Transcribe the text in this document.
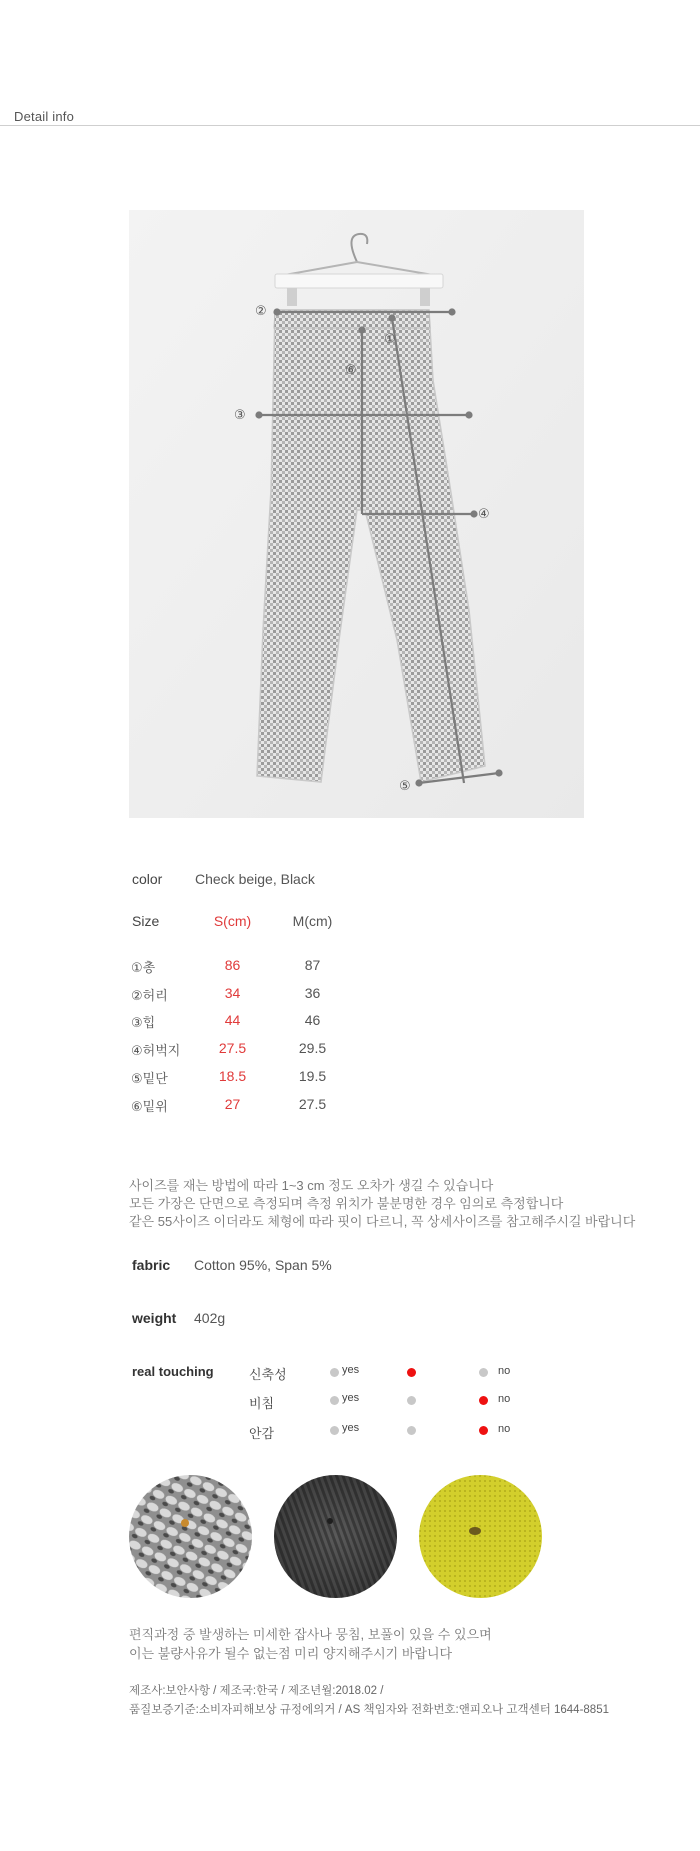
Detail info
①
②
③
④
⑤
⑥
color Check beige, Black
Size	S(cm)	M(cm)
①총	86	87
②허리	34	36
③힙	44	46
④허벅지	27.5	29.5
⑤밑단	18.5	19.5
⑥밑위	27	27.5
사이즈를 재는 방법에 따라 1~3 cm 정도 오차가 생길 수 있습니다
모든 가장은 단면으로 측정되며 측정 위치가 불분명한 경우 임의로 측정합니다
같은 55사이즈 이더라도 체형에 따라 핏이 다르니, 꼭 상세사이즈를 참고해주시길 바랍니다
fabric Cotton 95%, Span 5%
weight 402g
real touching	신축성	yes	no
비침	yes	no
안감	yes	no
편직과정 중 발생하는 미세한 잡사나 뭉침, 보풀이 있을 수 있으며
이는 불량사유가 될수 없는점 미리 양지해주시기 바랍니다
제조사:보안사항 / 제조국:한국 / 제조년월:2018.02 /
품질보증기준:소비자피해보상 규정에의거 / AS 책임자와 전화번호:앤피오나 고객센터 1644-8851
